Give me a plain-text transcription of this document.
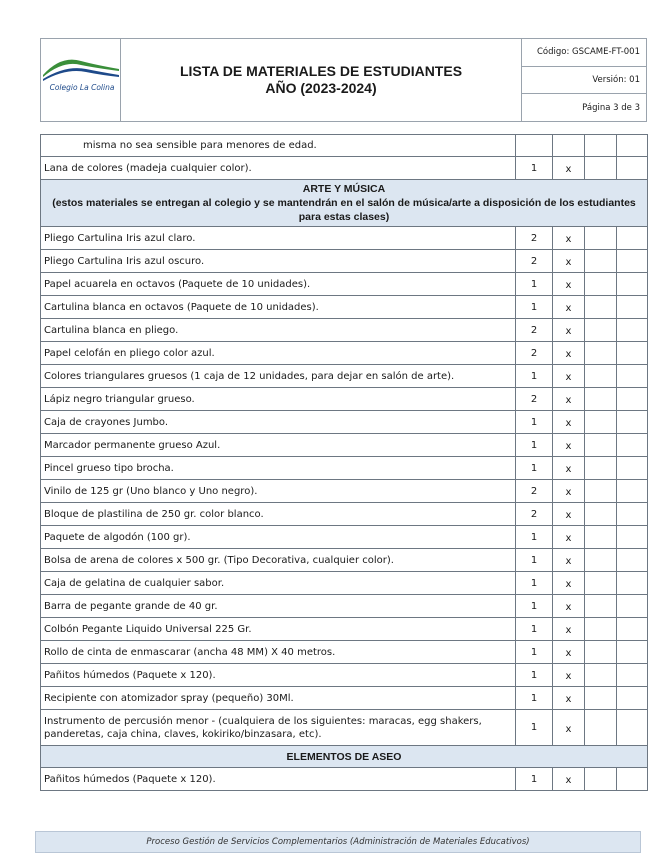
Colegio La Colina
LISTA DE MATERIALES DE ESTUDIANTES
AÑO (2023-2024)
Código: GSCAME-FT-001
Versión: 01
Página 3 de 3
misma no sea sensible para menores de edad.				
Lana de colores (madeja cualquier color).	1	x		

ARTE Y MÚSICA
(estos materiales se entregan al colegio y se mantendrán en el salón de música/arte a disposición de los estudiantes para estas clases)				

Pliego Cartulina Iris azul claro.	2	x		
Pliego Cartulina Iris azul oscuro.	2	x		
Papel acuarela en octavos (Paquete de 10 unidades).	1	x		
Cartulina blanca en octavos (Paquete de 10 unidades).	1	x		
Cartulina blanca en pliego.	2	x		
Papel celofán en pliego color azul.	2	x		
Colores triangulares gruesos (1 caja de 12 unidades, para dejar en salón de arte).	1	x		
Lápiz negro triangular grueso.	2	x		
Caja de crayones Jumbo.	1	x		
Marcador permanente grueso Azul.	1	x		
Pincel grueso tipo brocha.	1	x		
Vinilo de 125 gr (Uno blanco y Uno negro).	2	x		
Bloque de plastilina de 250 gr. color blanco.	2	x		
Paquete de algodón (100 gr).	1	x		
Bolsa de arena de colores x 500 gr. (Tipo Decorativa, cualquier color).	1	x		
Caja de gelatina de cualquier sabor.	1	x		
Barra de pegante grande de 40 gr.	1	x		
Colbón Pegante Liquido Universal 225 Gr.	1	x		
Rollo de cinta de enmascarar (ancha 48 MM) X 40 metros.	1	x		
Pañitos húmedos (Paquete x 120).	1	x		
Recipiente con atomizador spray (pequeño) 30Ml.	1	x		
Instrumento de percusión menor - (cualquiera de los siguientes: maracas, egg shakers, panderetas, caja china, claves, kokiriko/binzasara, etc).	1	x		
ELEMENTOS DE ASEO				
Pañitos húmedos (Paquete x 120).	1	x		
Proceso Gestión de Servicios Complementarios (Administración de Materiales Educativos)
